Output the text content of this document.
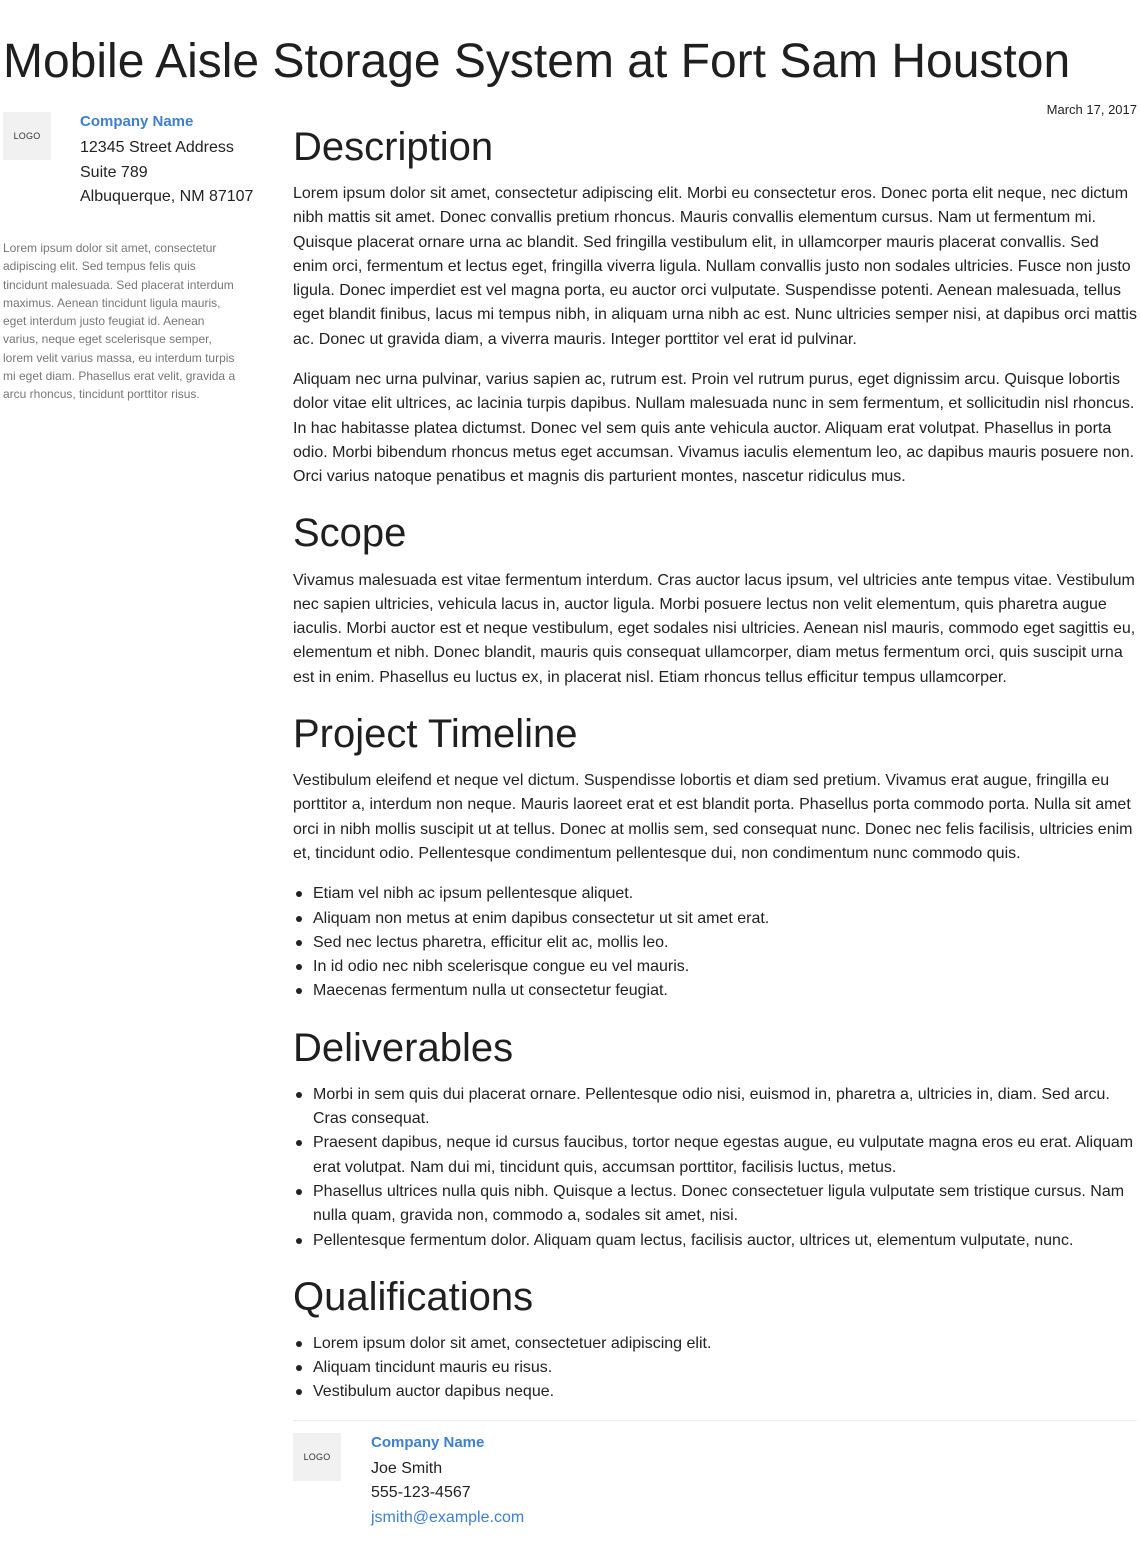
Mobile Aisle Storage System at Fort Sam Houston
March 17, 2017
LOGO
Company Name
12345 Street Address
Suite 789
Albuquerque, NM 87107

Lorem ipsum dolor sit amet, consectetur adipiscing elit. Sed tempus felis quis tincidunt malesuada. Sed placerat interdum maximus. Aenean tincidunt ligula mauris, eget interdum justo feugiat id. Aenean varius, neque eget scelerisque semper, lorem velit varius massa, eu interdum turpis mi eget diam. Phasellus erat velit, gravida a arcu rhoncus, tincidunt porttitor risus.

Description

Lorem ipsum dolor sit amet, consectetur adipiscing elit. Morbi eu consectetur eros. Donec porta elit neque, nec dictum nibh mattis sit amet. Donec convallis pretium rhoncus. Mauris convallis elementum cursus. Nam ut fermentum mi. Quisque placerat ornare urna ac blandit. Sed fringilla vestibulum elit, in ullamcorper mauris placerat convallis. Sed enim orci, fermentum et lectus eget, fringilla viverra ligula. Nullam convallis justo non sodales ultricies. Fusce non justo ligula. Donec imperdiet est vel magna porta, eu auctor orci vulputate. Suspendisse potenti. Aenean malesuada, tellus eget blandit finibus, lacus mi tempus nibh, in aliquam urna nibh ac est. Nunc ultricies semper nisi, at dapibus orci mattis ac. Donec ut gravida diam, a viverra mauris. Integer porttitor vel erat id pulvinar.

Aliquam nec urna pulvinar, varius sapien ac, rutrum est. Proin vel rutrum purus, eget dignissim arcu. Quisque lobortis dolor vitae elit ultrices, ac lacinia turpis dapibus. Nullam malesuada nunc in sem fermentum, et sollicitudin nisl rhoncus. In hac habitasse platea dictumst. Donec vel sem quis ante vehicula auctor. Aliquam erat volutpat. Phasellus in porta odio. Morbi bibendum rhoncus metus eget accumsan. Vivamus iaculis elementum leo, ac dapibus mauris posuere non. Orci varius natoque penatibus et magnis dis parturient montes, nascetur ridiculus mus.

Scope

Vivamus malesuada est vitae fermentum interdum. Cras auctor lacus ipsum, vel ultricies ante tempus vitae. Vestibulum nec sapien ultricies, vehicula lacus in, auctor ligula. Morbi posuere lectus non velit elementum, quis pharetra augue iaculis. Morbi auctor est et neque vestibulum, eget sodales nisi ultricies. Aenean nisl mauris, commodo eget sagittis eu, elementum et nibh. Donec blandit, mauris quis consequat ullamcorper, diam metus fermentum orci, quis suscipit urna est in enim. Phasellus eu luctus ex, in placerat nisl. Etiam rhoncus tellus efficitur tempus ullamcorper.

Project Timeline

Vestibulum eleifend et neque vel dictum. Suspendisse lobortis et diam sed pretium. Vivamus erat augue, fringilla eu porttitor a, interdum non neque. Mauris laoreet erat et est blandit porta. Phasellus porta commodo porta. Nulla sit amet orci in nibh mollis suscipit ut at tellus. Donec at mollis sem, sed consequat nunc. Donec nec felis facilisis, ultricies enim et, tincidunt odio. Pellentesque condimentum pellentesque dui, non condimentum nunc commodo quis.

Etiam vel nibh ac ipsum pellentesque aliquet.
Aliquam non metus at enim dapibus consectetur ut sit amet erat.
Sed nec lectus pharetra, efficitur elit ac, mollis leo.
In id odio nec nibh scelerisque congue eu vel mauris.
Maecenas fermentum nulla ut consectetur feugiat.
Deliverables
Morbi in sem quis dui placerat ornare. Pellentesque odio nisi, euismod in, pharetra a, ultricies in, diam. Sed arcu. Cras consequat.
Praesent dapibus, neque id cursus faucibus, tortor neque egestas augue, eu vulputate magna eros eu erat. Aliquam erat volutpat. Nam dui mi, tincidunt quis, accumsan porttitor, facilisis luctus, metus.
Phasellus ultrices nulla quis nibh. Quisque a lectus. Donec consectetuer ligula vulputate sem tristique cursus. Nam nulla quam, gravida non, commodo a, sodales sit amet, nisi.
Pellentesque fermentum dolor. Aliquam quam lectus, facilisis auctor, ultrices ut, elementum vulputate, nunc.
Qualifications
Lorem ipsum dolor sit amet, consectetuer adipiscing elit.
Aliquam tincidunt mauris eu risus.
Vestibulum auctor dapibus neque.
LOGO
Company Name
Joe Smith
555-123-4567
jsmith@example.com
